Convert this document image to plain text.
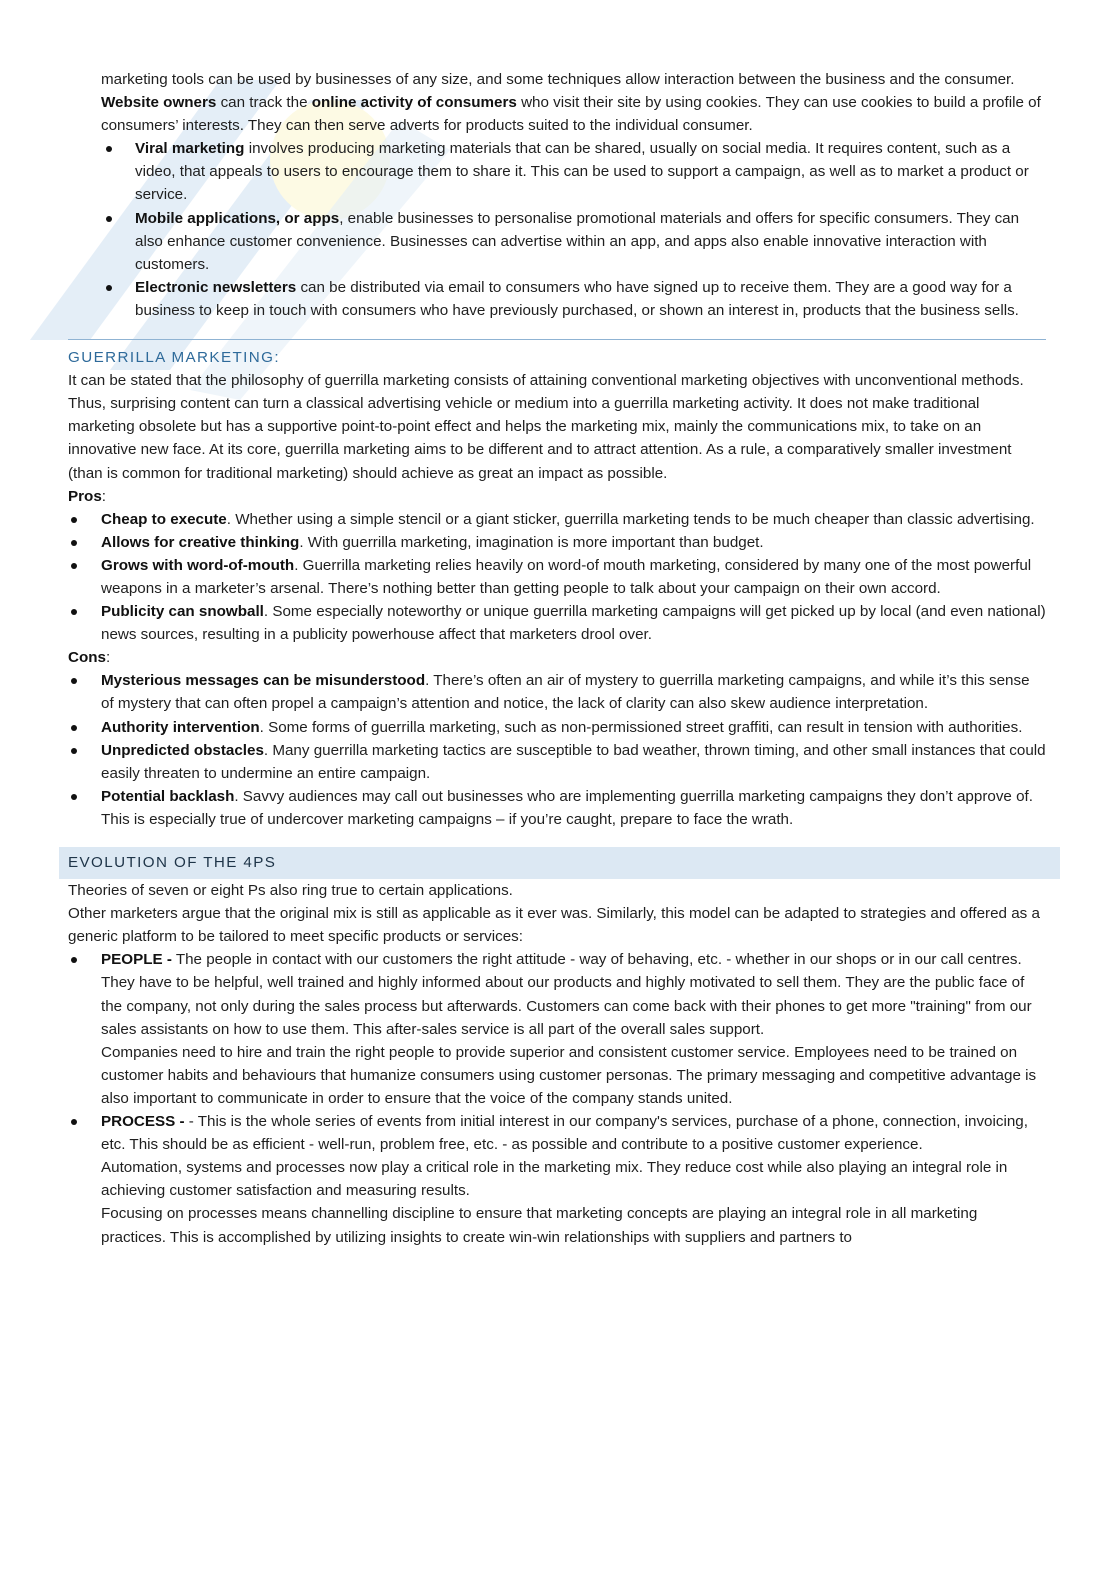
marketing tools can be used by businesses of any size, and some techniques allow interaction between the business and the consumer. Website owners can track the online activity of consumers who visit their site by using cookies. They can use cookies to build a profile of consumers’ interests. They can then serve adverts for products suited to the individual consumer.

Viral marketing involves producing marketing materials that can be shared, usually on social media. It requires content, such as a video, that appeals to users to encourage them to share it. This can be used to support a campaign, as well as to market a product or service.
Mobile applications, or apps, enable businesses to personalise promotional materials and offers for specific consumers. They can also enhance customer convenience. Businesses can advertise within an app, and apps also enable innovative interaction with customers.
Electronic newsletters can be distributed via email to consumers who have signed up to receive them. They are a good way for a business to keep in touch with consumers who have previously purchased, or shown an interest in, products that the business sells.

GUERRILLA MARKETING:

It can be stated that the philosophy of guerrilla marketing consists of attaining conventional marketing objectives with unconventional methods. Thus, surprising content can turn a classical advertising vehicle or medium into a guerrilla marketing activity. It does not make traditional marketing obsolete but has a supportive point-to-point effect and helps the marketing mix, mainly the communications mix, to take on an innovative new face. At its core, guerrilla marketing aims to be different and to attract attention. As a rule, a comparatively smaller investment (than is common for traditional marketing) should achieve as great an impact as possible.

Pros:

Cheap to execute. Whether using a simple stencil or a giant sticker, guerrilla marketing tends to be much cheaper than classic advertising.
Allows for creative thinking. With guerrilla marketing, imagination is more important than budget.
Grows with word-of-mouth. Guerrilla marketing relies heavily on word-of mouth marketing, considered by many one of the most powerful weapons in a marketer’s arsenal. There’s nothing better than getting people to talk about your campaign on their own accord.
Publicity can snowball. Some especially noteworthy or unique guerrilla marketing campaigns will get picked up by local (and even national) news sources, resulting in a publicity powerhouse affect that marketers drool over.

Cons:

Mysterious messages can be misunderstood. There’s often an air of mystery to guerrilla marketing campaigns, and while it’s this sense of mystery that can often propel a campaign’s attention and notice, the lack of clarity can also skew audience interpretation.
Authority intervention. Some forms of guerrilla marketing, such as non-permissioned street graffiti, can result in tension with authorities.
Unpredicted obstacles. Many guerrilla marketing tactics are susceptible to bad weather, thrown timing, and other small instances that could easily threaten to undermine an entire campaign.
Potential backlash. Savvy audiences may call out businesses who are implementing guerrilla marketing campaigns they don’t approve of. This is especially true of undercover marketing campaigns – if you’re caught, prepare to face the wrath.

EVOLUTION OF THE 4PS

Theories of seven or eight Ps also ring true to certain applications.

Other marketers argue that the original mix is still as applicable as it ever was. Similarly, this model can be adapted to strategies and offered as a generic platform to be tailored to meet specific products or services:

PEOPLE - The people in contact with our customers the right attitude - way of behaving, etc. - whether in our shops or in our call centres. They have to be helpful, well trained and highly informed about our products and highly motivated to sell them. They are the public face of the company, not only during the sales process but afterwards. Customers can come back with their phones to get more "training" from our sales assistants on how to use them. This after-sales service is all part of the overall sales support.

Companies need to hire and train the right people to provide superior and consistent customer service. Employees need to be trained on customer habits and behaviours that humanize consumers using customer personas. The primary messaging and competitive advantage is also important to communicate in order to ensure that the voice of the company stands united.

PROCESS - - This is the whole series of events from initial interest in our company's services, purchase of a phone, connection, invoicing, etc. This should be as efficient - well-run, problem free, etc. - as possible and contribute to a positive customer experience.

Automation, systems and processes now play a critical role in the marketing mix. They reduce cost while also playing an integral role in achieving customer satisfaction and measuring results.

Focusing on processes means channelling discipline to ensure that marketing concepts are playing an integral role in all marketing practices. This is accomplished by utilizing insights to create win-win relationships with suppliers and partners to
